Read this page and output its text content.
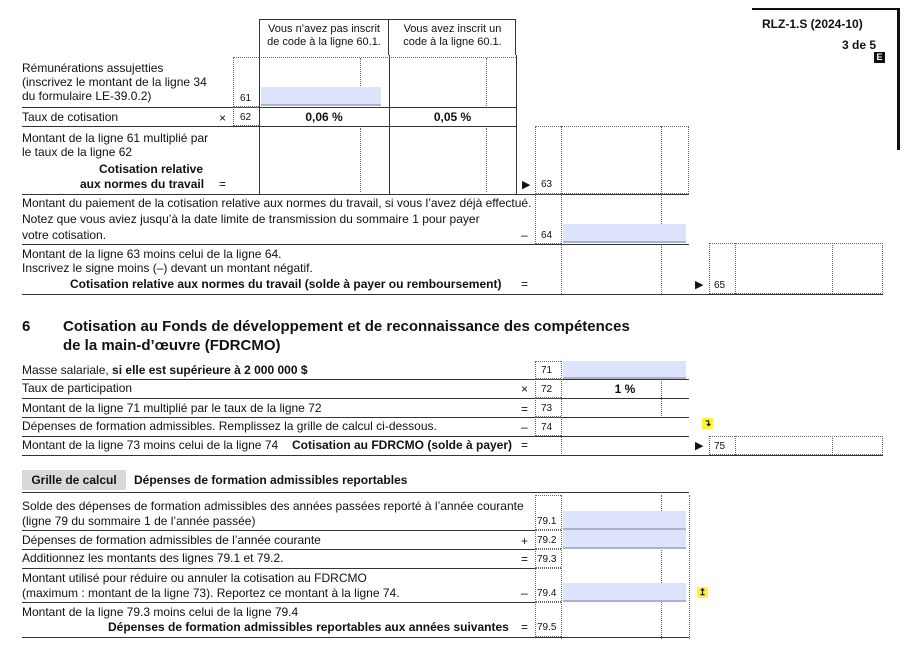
RLZ-1.S (2024-10)
3 de 5
E
Vous n’avez pas inscrit
de code à la ligne 60.1.
Vous avez inscrit un
code à la ligne 60.1.
Rémunérations assujetties
(inscrivez le montant de la ligne 34
du formulaire LE-39.0.2)	61
Taux de cotisation	× 62	0,06 %	0,05 %
Montant de la ligne 61 multiplié par
le taux de la ligne 62
Cotisation relative
aux normes du travail =	▶ 63
Montant du paiement de la cotisation relative aux normes du travail, si vous l’avez déjà effectué.
Notez que vous aviez jusqu’à la date limite de transmission du sommaire 1 pour payer
votre cotisation.	– 64
Montant de la ligne 63 moins celui de la ligne 64.
Inscrivez le signe moins (–) devant un montant négatif.
Cotisation relative aux normes du travail (solde à payer ou remboursement) =	▶ 65
6 Cotisation au Fonds de développement et de reconnaissance des compétences
de la main-d’œuvre (FDRCMO)
Masse salariale, si elle est supérieure à 2 000 000 $	71
Taux de participation	× 72	1 %
Montant de la ligne 71 multiplié par le taux de la ligne 72	= 73
Dépenses de formation admissibles. Remplissez la grille de calcul ci-dessous.	– 74	↴
Montant de la ligne 73 moins celui de la ligne 74 Cotisation au FDRCMO (solde à payer) =	▶ 75
Grille de calcul	Dépenses de formation admissibles reportables
Solde des dépenses de formation admissibles des années passées reporté à l’année courante
(ligne 79 du sommaire 1 de l’année passée)	79.1
Dépenses de formation admissibles de l’année courante	+ 79.2
Additionnez les montants des lignes 79.1 et 79.2.	= 79.3
Montant utilisé pour réduire ou annuler la cotisation au FDRCMO
(maximum : montant de la ligne 73). Reportez ce montant à la ligne 74.	– 79.4	↥
Montant de la ligne 79.3 moins celui de la ligne 79.4
Dépenses de formation admissibles reportables aux années suivantes = 79.5
